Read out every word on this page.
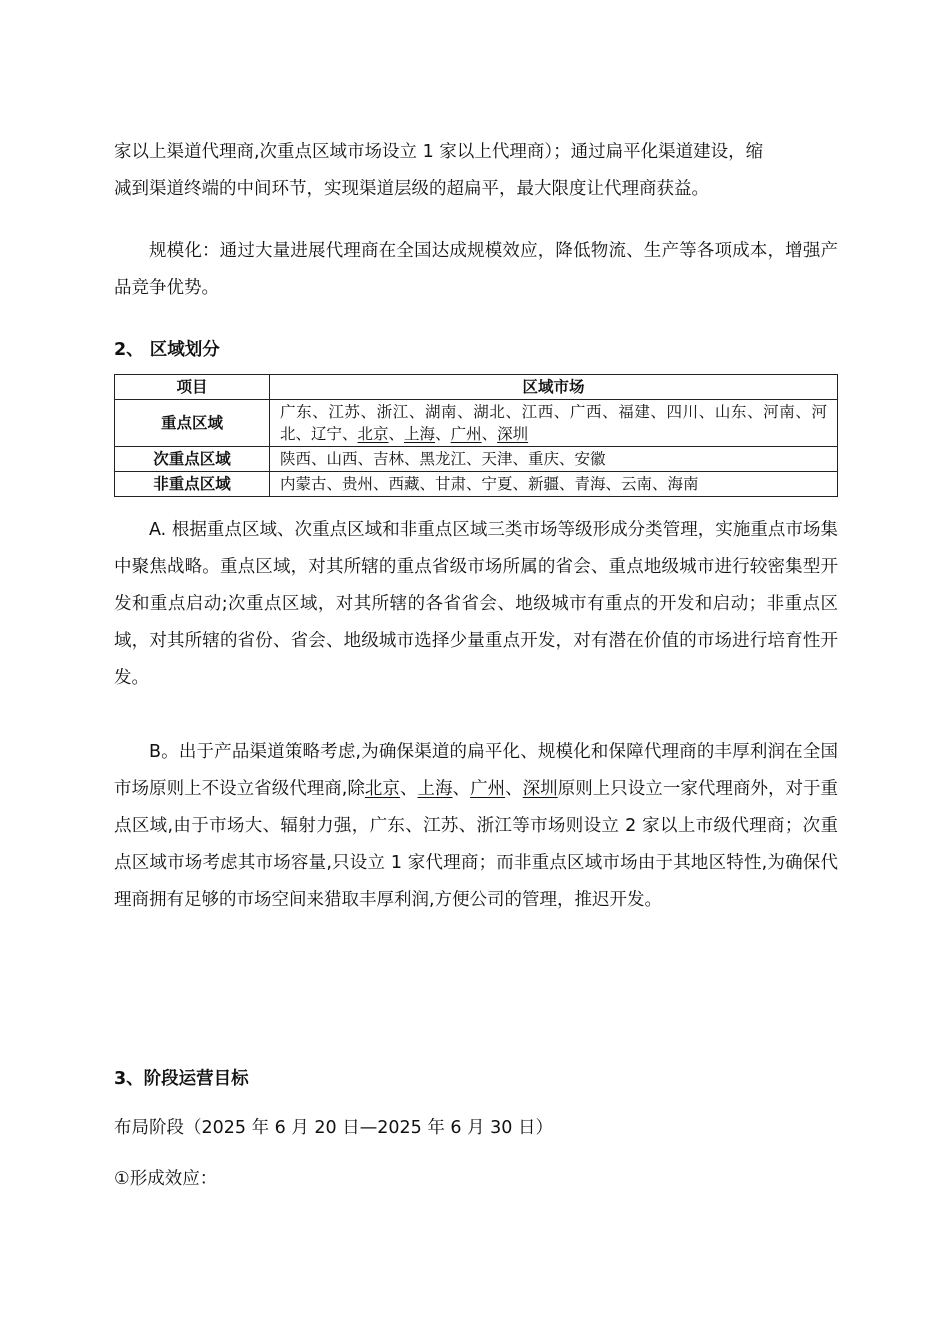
家以上渠道代理商,次重点区域市场设立 1 家以上代理商）；通过扁平化渠道建设，缩
减到渠道终端的中间环节，实现渠道层级的超扁平，最大限度让代理商获益。

规模化：通过大量进展代理商在全国达成规模效应，降低物流、生产等各项成本，增强产品竞争优势。

2、 区域划分
项目	区域市场
重点区域	广东、江苏、浙江、湖南、湖北、江西、广西、福建、四川、山东、河南、河北、辽宁、北京、上海、广州、深圳
次重点区域	陕西、山西、吉林、黑龙江、天津、重庆、安徽
非重点区域	内蒙古、贵州、西藏、甘肃、宁夏、新疆、青海、云南、海南

A. 根据重点区域、次重点区域和非重点区域三类市场等级形成分类管理，实施重点市场集中聚焦战略。重点区域，对其所辖的重点省级市场所属的省会、重点地级城市进行较密集型开发和重点启动;次重点区域，对其所辖的各省省会、地级城市有重点的开发和启动；非重点区域，对其所辖的省份、省会、地级城市选择少量重点开发，对有潜在价值的市场进行培育性开发。

B。出于产品渠道策略考虑,为确保渠道的扁平化、规模化和保障代理商的丰厚利润在全国市场原则上不设立省级代理商,除北京、上海、广州、深圳原则上只设立一家代理商外，对于重点区域,由于市场大、辐射力强，广东、江苏、浙江等市场则设立 2 家以上市级代理商；次重点区域市场考虑其市场容量,只设立 1 家代理商；而非重点区域市场由于其地区特性,为确保代理商拥有足够的市场空间来猎取丰厚利润,方便公司的管理，推迟开发。

3、阶段运营目标

布局阶段（2025 年 6 月 20 日—2025 年 6 月 30 日）

①形成效应：
